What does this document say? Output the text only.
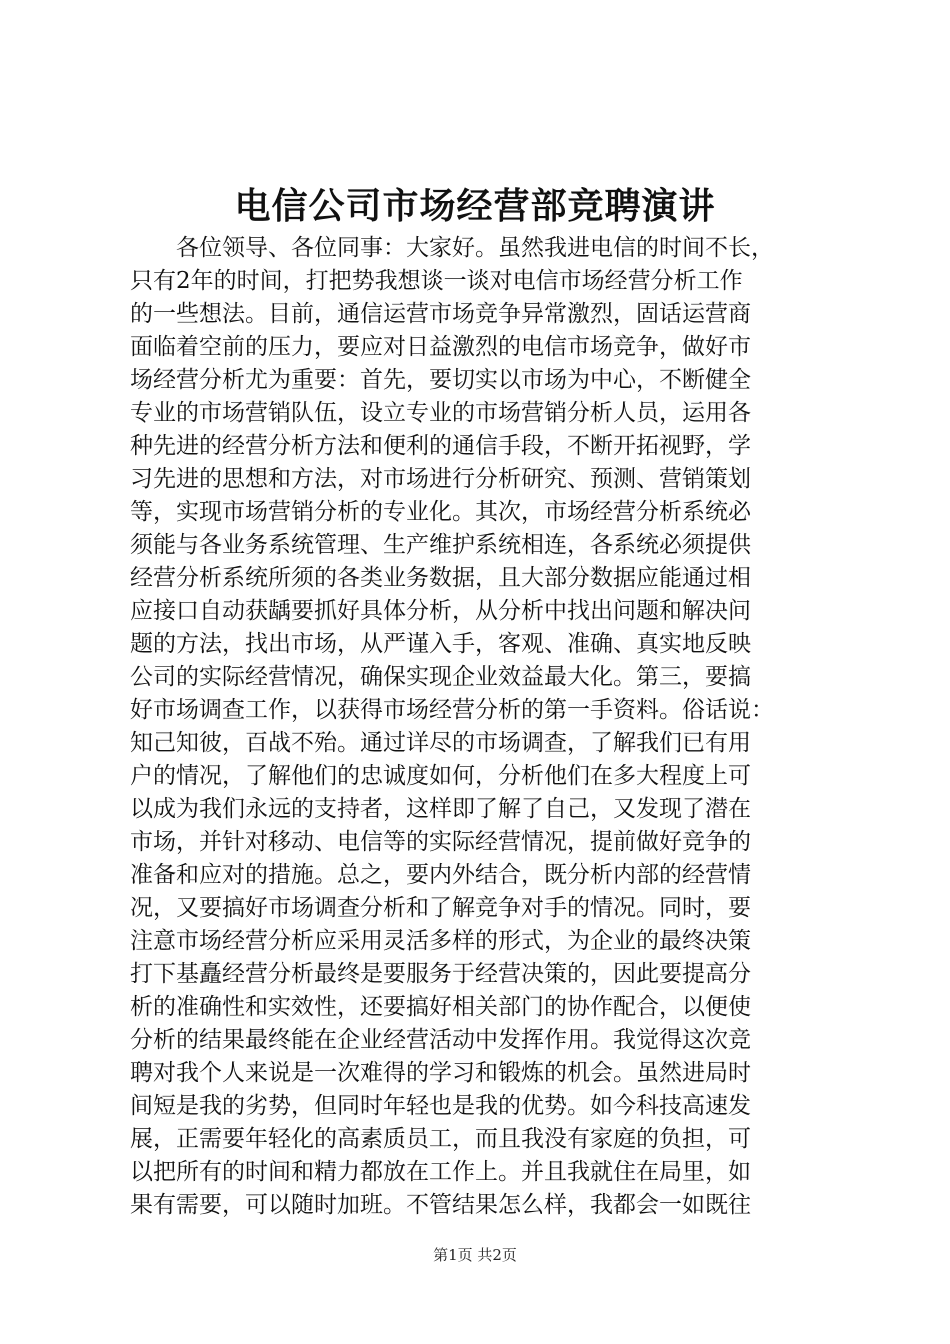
电信公司市场经营部竞聘演讲
各位领导、各位同事：大家好。虽然我进电信的时间不长，
只有2年的时间，打把势我想谈一谈对电信市场经营分析工作
的一些想法。目前，通信运营市场竞争异常激烈，固话运营商
面临着空前的压力，要应对日益激烈的电信市场竞争，做好市
场经营分析尤为重要：首先，要切实以市场为中心，不断健全
专业的市场营销队伍，设立专业的市场营销分析人员，运用各
种先进的经营分析方法和便利的通信手段，不断开拓视野，学
习先进的思想和方法，对市场进行分析研究、预测、营销策划
等，实现市场营销分析的专业化。其次，市场经营分析系统必
须能与各业务系统管理、生产维护系统相连，各系统必须提供
经营分析系统所须的各类业务数据，且大部分数据应能通过相
应接口自动获龋要抓好具体分析，从分析中找出问题和解决问
题的方法，找出市场，从严谨入手，客观、准确、真实地反映
公司的实际经营情况，确保实现企业效益最大化。第三，要搞
好市场调查工作，以获得市场经营分析的第一手资料。俗话说：
知己知彼，百战不殆。通过详尽的市场调查，了解我们已有用
户的情况，了解他们的忠诚度如何，分析他们在多大程度上可
以成为我们永远的支持者，这样即了解了自己，又发现了潜在
市场，并针对移动、电信等的实际经营情况，提前做好竞争的
准备和应对的措施。总之，要内外结合，既分析内部的经营情
况，又要搞好市场调查分析和了解竞争对手的情况。同时，要
注意市场经营分析应采用灵活多样的形式，为企业的最终决策
打下基矗经营分析最终是要服务于经营决策的，因此要提高分
析的准确性和实效性，还要搞好相关部门的协作配合，以便使
分析的结果最终能在企业经营活动中发挥作用。我觉得这次竞
聘对我个人来说是一次难得的学习和锻炼的机会。虽然进局时
间短是我的劣势，但同时年轻也是我的优势。如今科技高速发
展，正需要年轻化的高素质员工，而且我没有家庭的负担，可
以把所有的时间和精力都放在工作上。并且我就住在局里，如
果有需要，可以随时加班。不管结果怎么样，我都会一如既往
第1页 共2页
